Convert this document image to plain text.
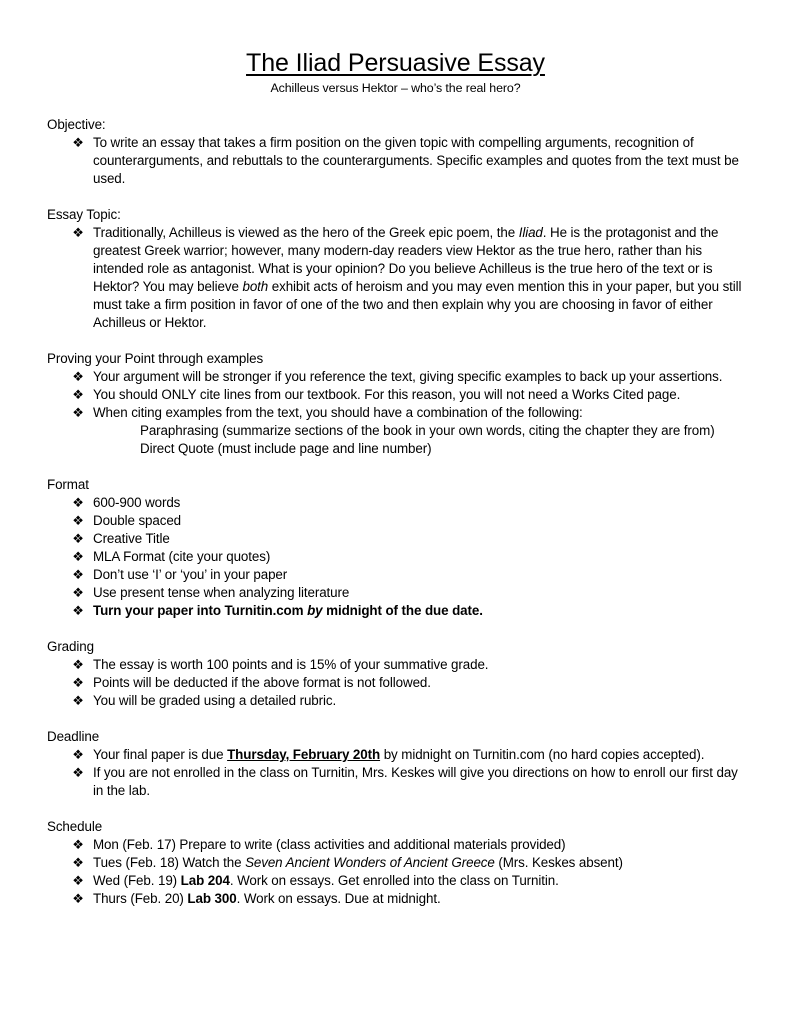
The Iliad Persuasive Essay
Achilleus versus Hektor – who’s the real hero?
Objective:
❖ To write an essay that takes a firm position on the given topic with compelling arguments, recognition of counterarguments, and rebuttals to the counterarguments. Specific examples and quotes from the text must be used.
Essay Topic:
❖ Traditionally, Achilleus is viewed as the hero of the Greek epic poem, the Iliad. He is the protagonist and the greatest Greek warrior; however, many modern-day readers view Hektor as the true hero, rather than his intended role as antagonist. What is your opinion? Do you believe Achilleus is the true hero of the text or is Hektor? You may believe both exhibit acts of heroism and you may even mention this in your paper, but you still must take a firm position in favor of one of the two and then explain why you are choosing in favor of either Achilleus or Hektor.
Proving your Point through examples
❖ Your argument will be stronger if you reference the text, giving specific examples to back up your assertions.
❖ You should ONLY cite lines from our textbook. For this reason, you will not need a Works Cited page.
❖ When citing examples from the text, you should have a combination of the following:
Paraphrasing (summarize sections of the book in your own words, citing the chapter they are from)
Direct Quote (must include page and line number)
Format
❖ 600-900 words
❖ Double spaced
❖ Creative Title
❖ MLA Format (cite your quotes)
❖ Don’t use ‘I’ or ‘you’ in your paper
❖ Use present tense when analyzing literature
❖ Turn your paper into Turnitin.com by midnight of the due date.
Grading
❖ The essay is worth 100 points and is 15% of your summative grade.
❖ Points will be deducted if the above format is not followed.
❖ You will be graded using a detailed rubric.
Deadline
❖ Your final paper is due Thursday, February 20th by midnight on Turnitin.com (no hard copies accepted).
❖ If you are not enrolled in the class on Turnitin, Mrs. Keskes will give you directions on how to enroll our first day in the lab.
Schedule
❖ Mon (Feb. 17) Prepare to write (class activities and additional materials provided)
❖ Tues (Feb. 18) Watch the Seven Ancient Wonders of Ancient Greece (Mrs. Keskes absent)
❖ Wed (Feb. 19) Lab 204. Work on essays. Get enrolled into the class on Turnitin.
❖ Thurs (Feb. 20) Lab 300. Work on essays. Due at midnight.
